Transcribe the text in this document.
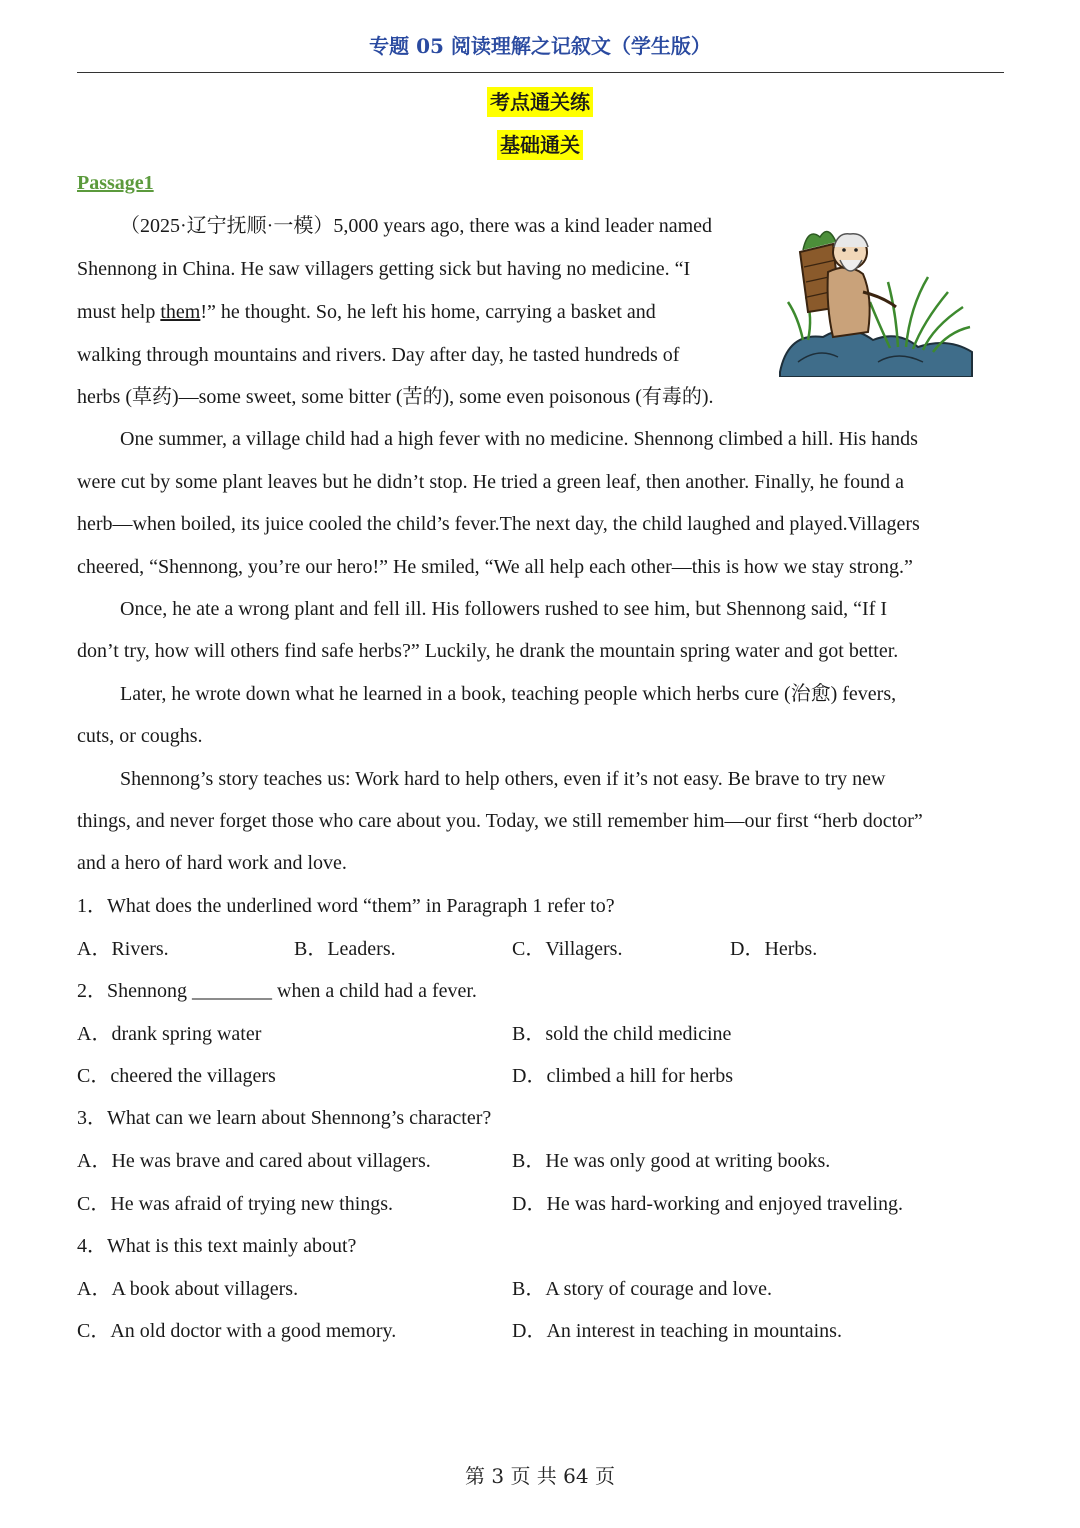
专题 05 阅读理解之记叙文（学生版）
考点通关练
基础通关
Passage1
（2025·辽宁抚顺·一模）5,000 years ago, there was a kind leader named
Shennong in China. He saw villagers getting sick but having no medicine. “I
must help them!” he thought. So, he left his home, carrying a basket and
walking through mountains and rivers. Day after day, he tasted hundreds of
herbs (草药)—some sweet, some bitter (苦的), some even poisonous (有毒的).
One summer, a village child had a high fever with no medicine. Shennong climbed a hill. His hands
were cut by some plant leaves but he didn’t stop. He tried a green leaf, then another. Finally, he found a
herb—when boiled, its juice cooled the child’s fever.The next day, the child laughed and played.Villagers
cheered, “Shennong, you’re our hero!” He smiled, “We all help each other—this is how we stay strong.”
Once, he ate a wrong plant and fell ill. His followers rushed to see him, but Shennong said, “If I
don’t try, how will others find safe herbs?” Luckily, he drank the mountain spring water and got better.
Later, he wrote down what he learned in a book, teaching people which herbs cure (治愈) fevers,
cuts, or coughs.
Shennong’s story teaches us: Work hard to help others, even if it’s not easy. Be brave to try new
things, and never forget those who care about you. Today, we still remember him—our first “herb doctor”
and a hero of hard work and love.
1．What does the underlined word “them” in Paragraph 1 refer to?
A．Rivers.	B．Leaders.	C．Villagers.	D．Herbs.
2．Shennong ________ when a child had a fever.
A．drank spring water	B．sold the child medicine
C．cheered the villagers	D．climbed a hill for herbs
3．What can we learn about Shennong’s character?
A．He was brave and cared about villagers.	B．He was only good at writing books.
C．He was afraid of trying new things.	D．He was hard-working and enjoyed traveling.
4．What is this text mainly about?
A．A book about villagers.	B．A story of courage and love.
C．An old doctor with a good memory.	D．An interest in teaching in mountains.
第 3 页 共 64 页
